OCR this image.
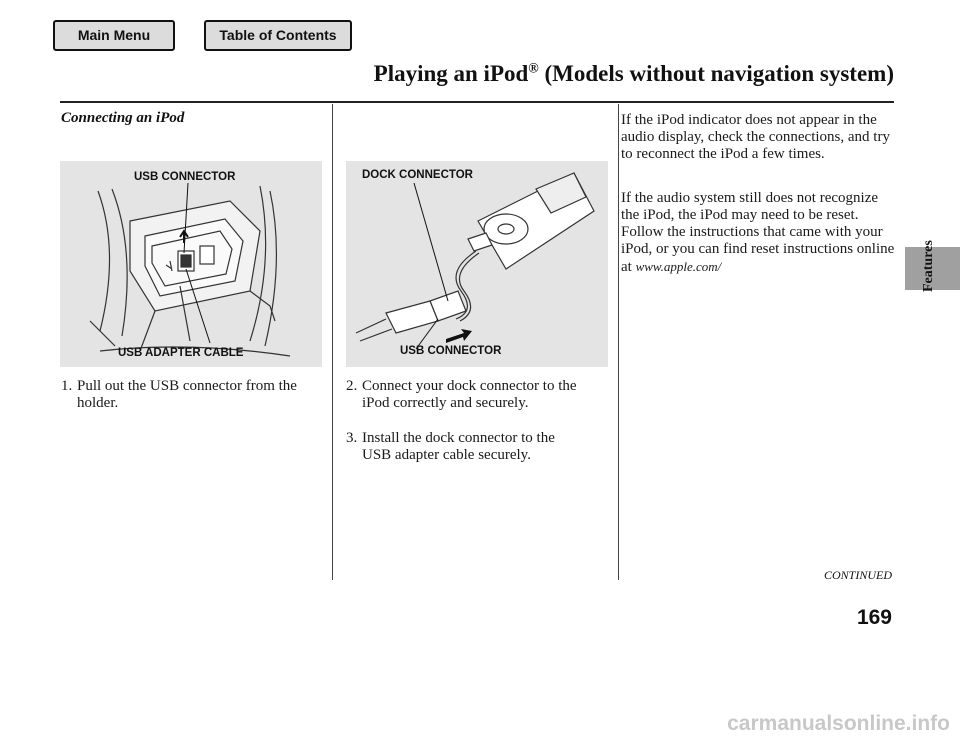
Main Menu	Table of Contents
Playing an iPod® (Models without navigation system)
Connecting an iPod
USB CONNECTOR
USB ADAPTER CABLE
DOCK CONNECTOR
USB CONNECTOR
1. Pull out the USB connector from the holder.
2. Connect your dock connector to the iPod correctly and securely.
3. Install the dock connector to the USB adapter cable securely.
If the iPod indicator does not appear in the audio display, check the connections, and try to reconnect the iPod a few times.
If the audio system still does not recognize the iPod, the iPod may need to be reset. Follow the instructions that came with your iPod, or you can find reset instructions online at www.apple.com/	Features
CONTINUED
169
carmanualsonline.info
